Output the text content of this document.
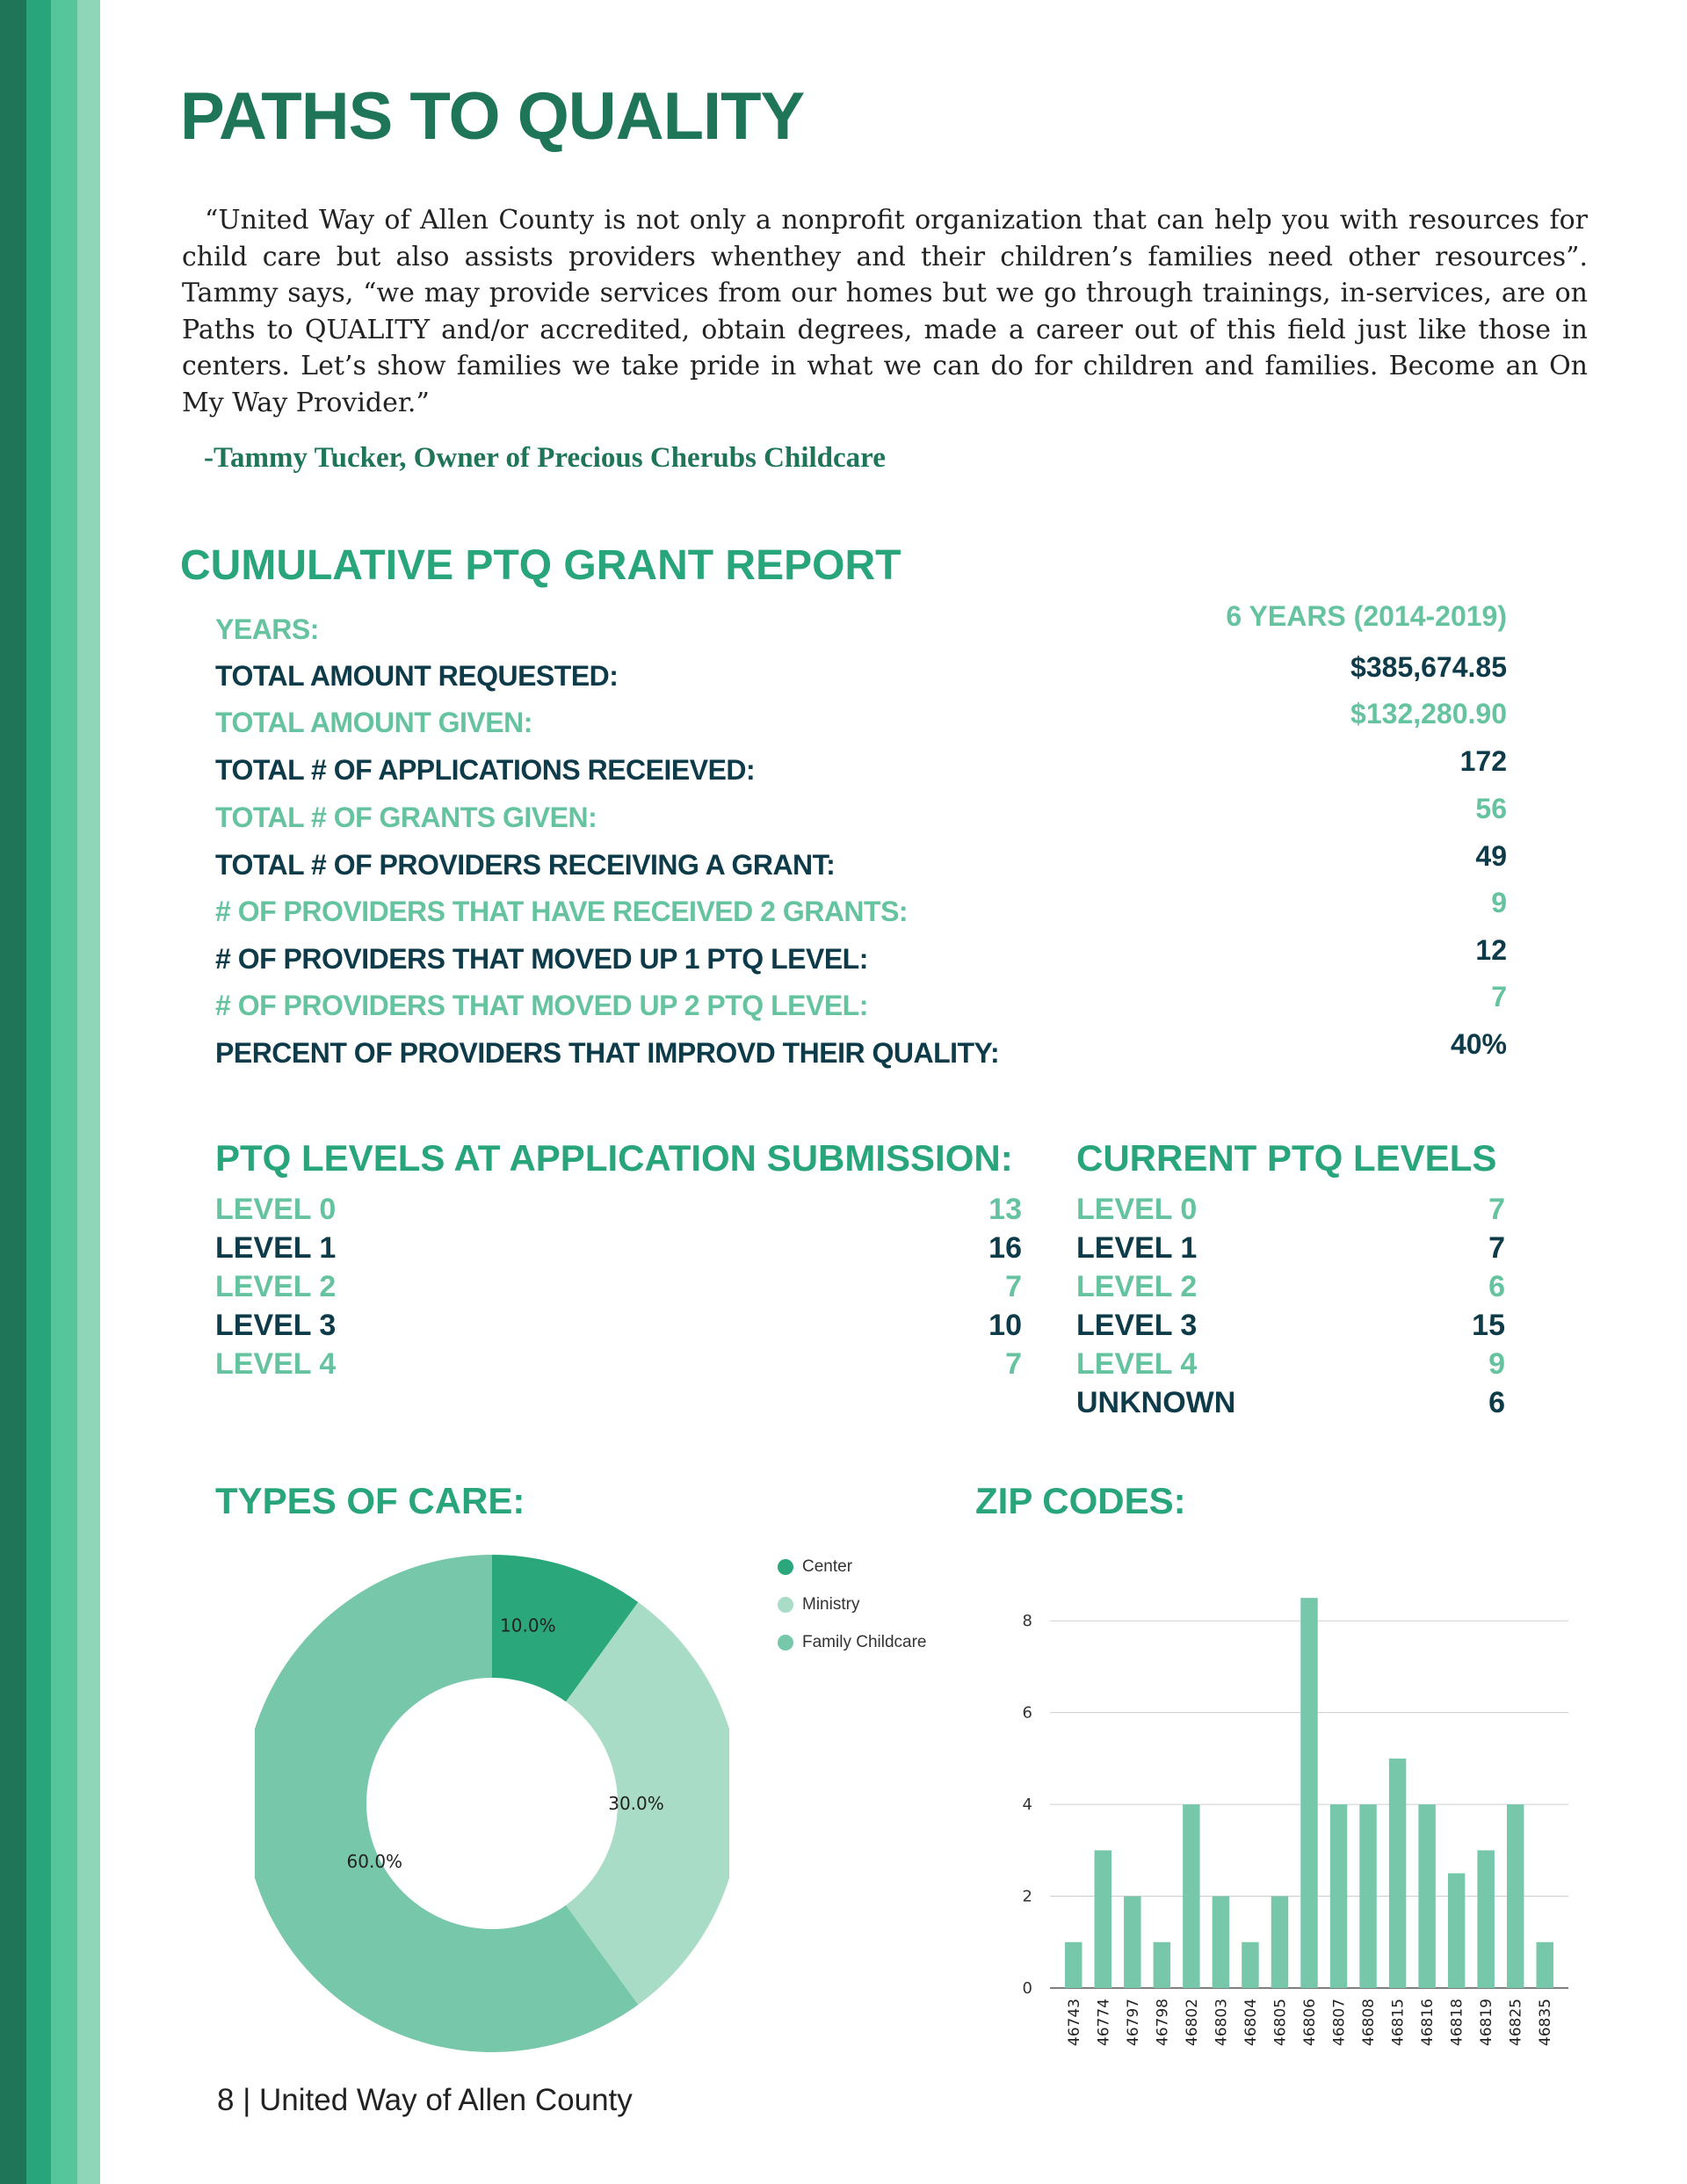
PATHS TO QUALITY
“United Way of Allen County is not only a nonprofit organization that can help you with resources for child care but also assists providers whenthey and their children’s families need other resources”. Tammy says, “we may provide services from our homes but we go through trainings, in-services, are on Paths to QUALITY and/or accredited, obtain degrees, made a career out of this field just like those in centers. Let’s show families we take pride in what we can do for children and families. Become an On My Way Provider.”
-Tammy Tucker, Owner of Precious Cherubs Childcare
CUMULATIVE PTQ GRANT REPORT
YEARS:	6 YEARS (2014-2019)
TOTAL AMOUNT REQUESTED:	$385,674.85
TOTAL AMOUNT GIVEN:	$132,280.90
TOTAL # OF APPLICATIONS RECEIEVED:	172
TOTAL # OF GRANTS GIVEN:	56
TOTAL # OF PROVIDERS RECEIVING A GRANT:	49
# OF PROVIDERS THAT HAVE RECEIVED 2 GRANTS:	9
# OF PROVIDERS THAT MOVED UP 1 PTQ LEVEL:	12
# OF PROVIDERS THAT MOVED UP 2 PTQ LEVEL:	7
PERCENT OF PROVIDERS THAT IMPROVD THEIR QUALITY:	40%
PTQ LEVELS AT APPLICATION SUBMISSION:
LEVEL 0	13
LEVEL 1	16
LEVEL 2	7
LEVEL 3	10
LEVEL 4	7
CURRENT PTQ LEVELS
LEVEL 0	7
LEVEL 1	7
LEVEL 2	6
LEVEL 3	15
LEVEL 4	9
UNKNOWN	6
TYPES OF CARE:
10.0%
30.0%
60.0%
Center
Ministry
Family Childcare
ZIP CODES:
0
2
4
6
8
46743 46774 46797 46798 46802 46803 46804 46805 46806 46807 46808 46815 46816 46818 46819 46825 46835
8 | United Way of Allen County
